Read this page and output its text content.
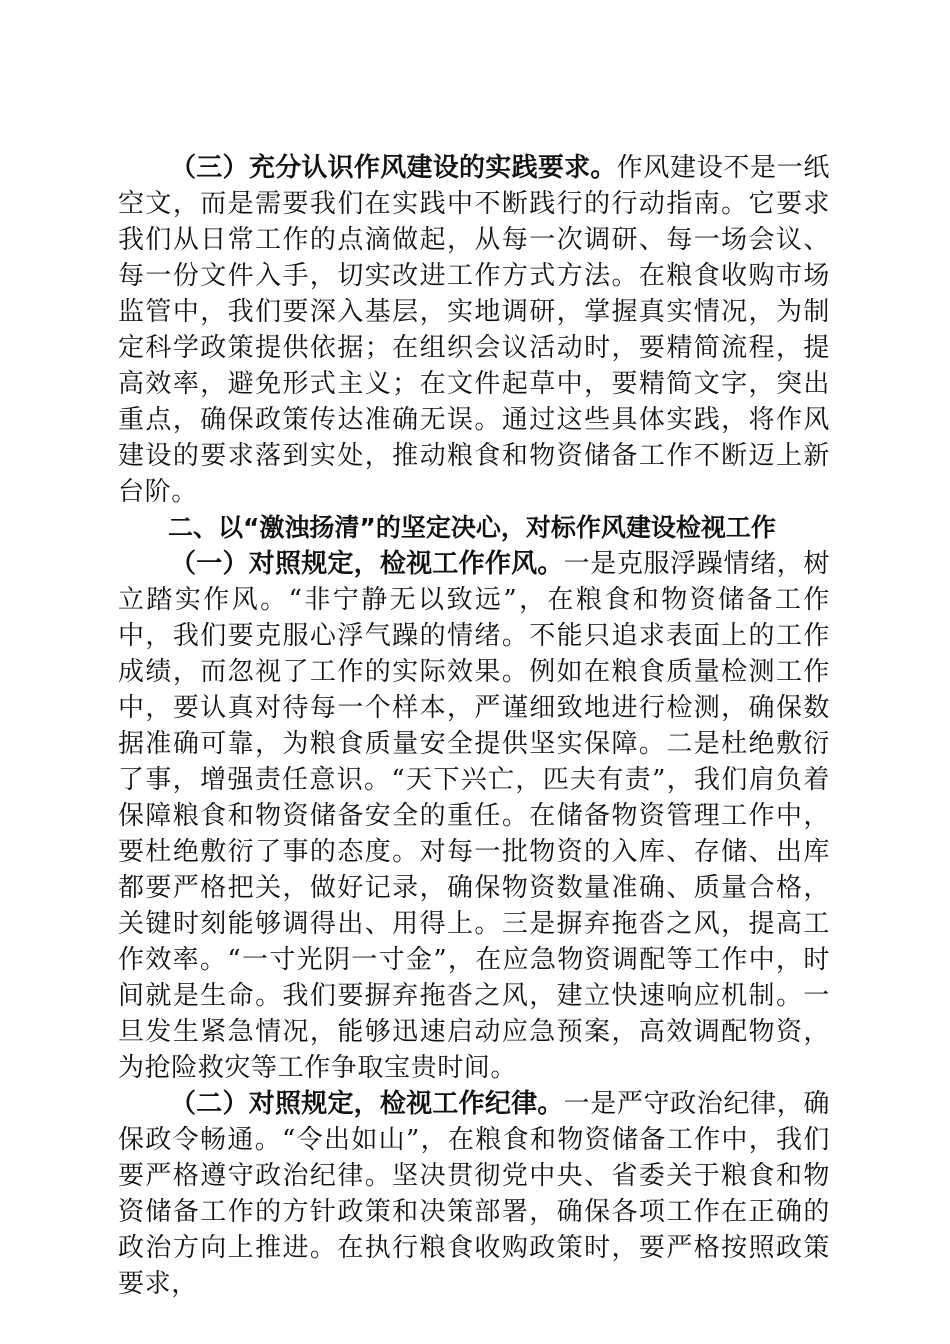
（三）充分认识作风建设的实践要求。作风建设不是一纸空文，而是需要我们在实践中不断践行的行动指南。它要求我们从日常工作的点滴做起，从每一次调研、每一场会议、每一份文件入手，切实改进工作方式方法。在粮食收购市场监管中，我们要深入基层，实地调研，掌握真实情况，为制定科学政策提供依据；在组织会议活动时，要精简流程，提高效率，避免形式主义；在文件起草中，要精简文字，突出重点，确保政策传达准确无误。通过这些具体实践，将作风建设的要求落到实处，推动粮食和物资储备工作不断迈上新台阶。

二、以“激浊扬清”的坚定决心，对标作风建设检视工作

（一）对照规定，检视工作作风。一是克服浮躁情绪，树立踏实作风。“非宁静无以致远”，在粮食和物资储备工作中，我们要克服心浮气躁的情绪。不能只追求表面上的工作成绩，而忽视了工作的实际效果。例如在粮食质量检测工作中，要认真对待每一个样本，严谨细致地进行检测，确保数据准确可靠，为粮食质量安全提供坚实保障。二是杜绝敷衍了事，增强责任意识。“天下兴亡，匹夫有责”，我们肩负着保障粮食和物资储备安全的重任。在储备物资管理工作中，要杜绝敷衍了事的态度。对每一批物资的入库、存储、出库都要严格把关，做好记录，确保物资数量准确、质量合格，关键时刻能够调得出、用得上。三是摒弃拖沓之风，提高工作效率。“一寸光阴一寸金”，在应急物资调配等工作中，时间就是生命。我们要摒弃拖沓之风，建立快速响应机制。一旦发生紧急情况，能够迅速启动应急预案，高效调配物资，为抢险救灾等工作争取宝贵时间。

（二）对照规定，检视工作纪律。一是严守政治纪律，确保政令畅通。“令出如山”，在粮食和物资储备工作中，我们要严格遵守政治纪律。坚决贯彻党中央、省委关于粮食和物资储备工作的方针政策和决策部署，确保各项工作在正确的政治方向上推进。在执行粮食收购政策时，要严格按照政策要求，
